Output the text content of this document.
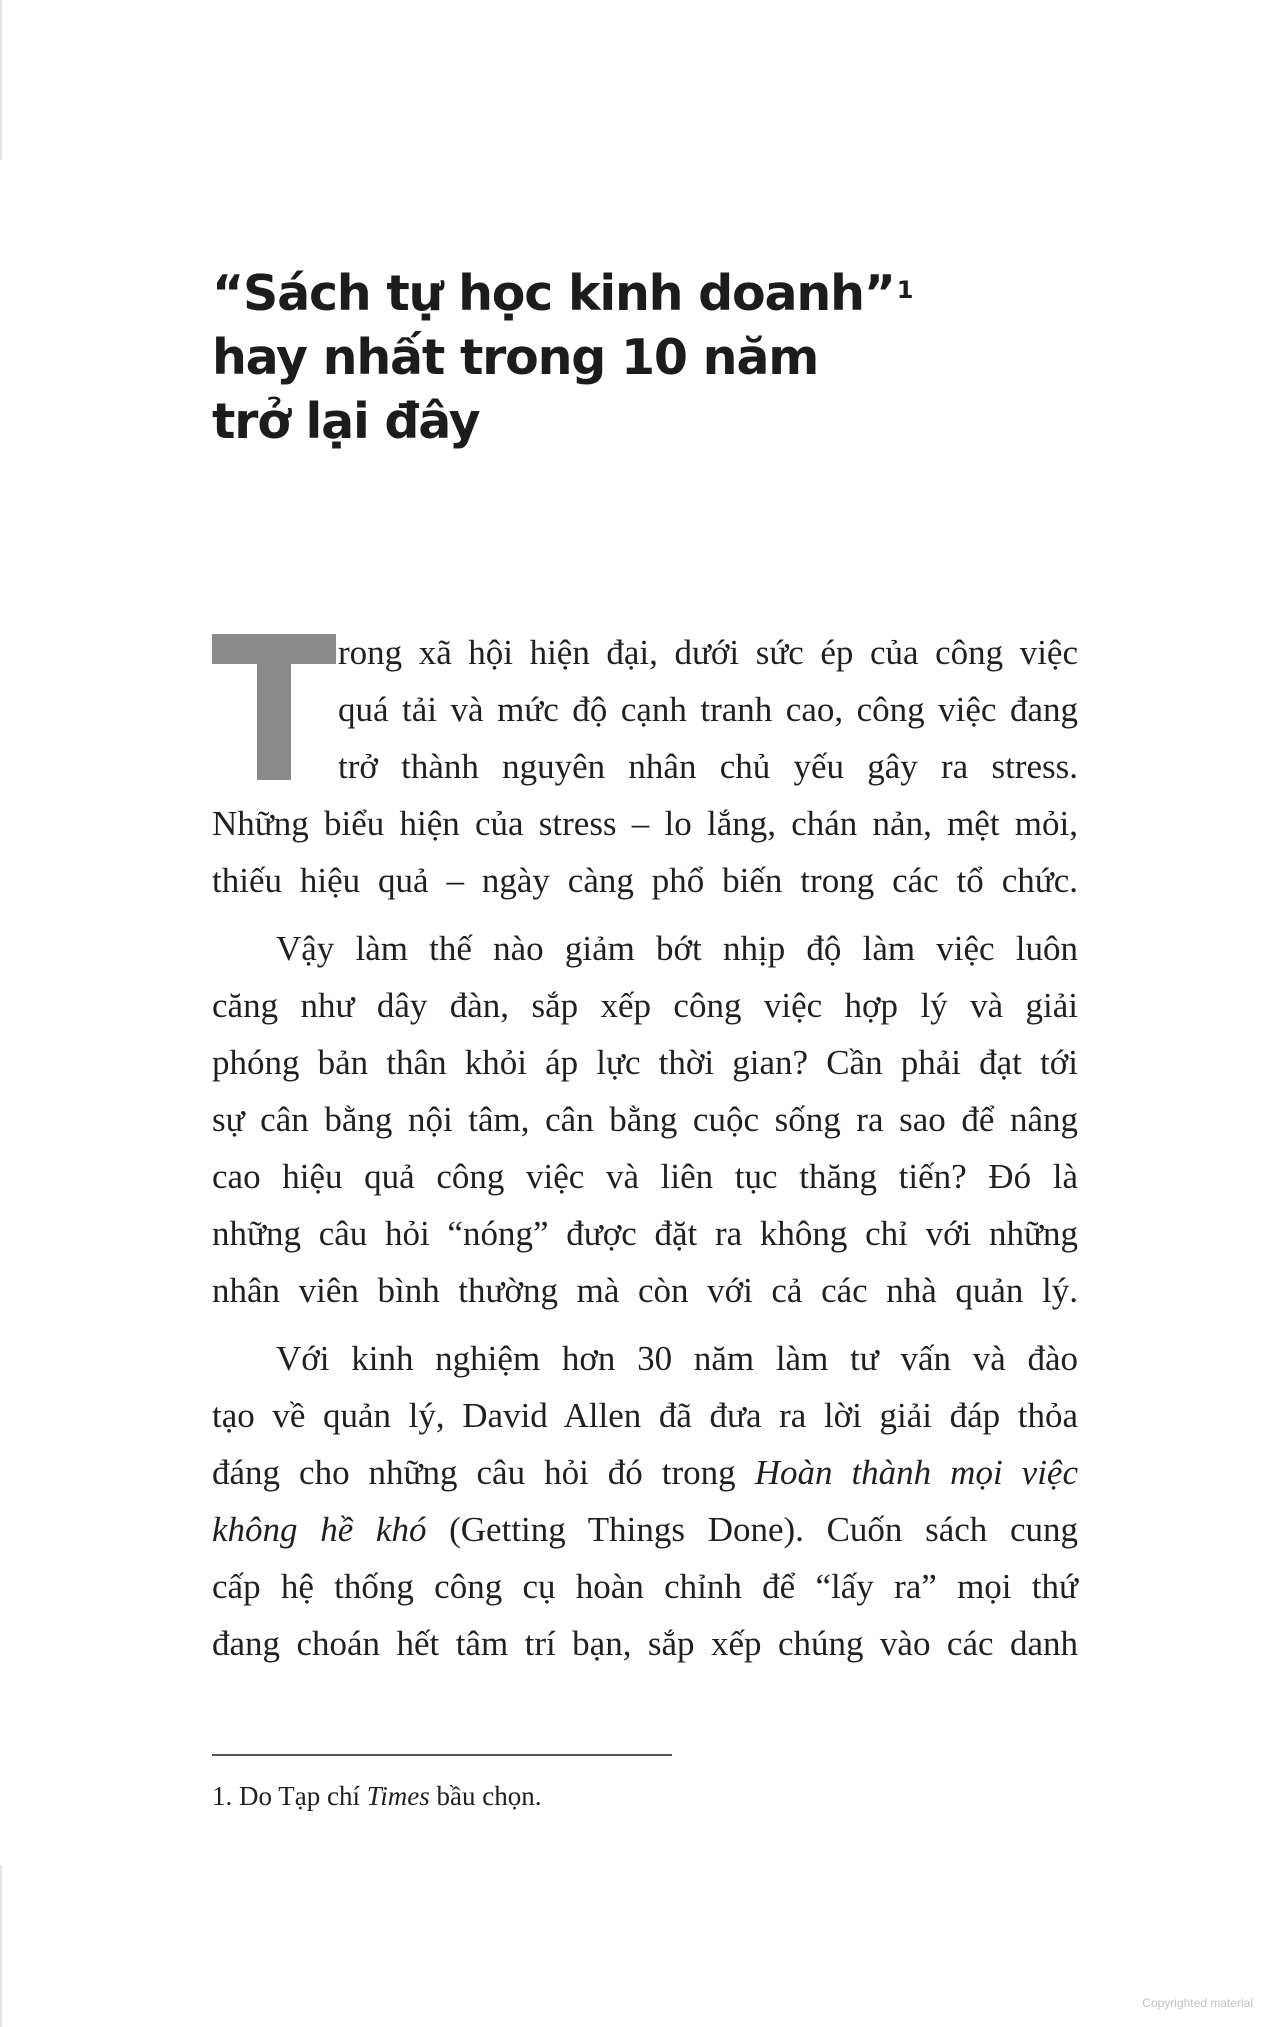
“Sách tự học kinh doanh”$^1$
hay nhất trong 10 năm
trở lại đây
rong xã hội hiện đại, dưới sức ép của công việc
quá tải và mức độ cạnh tranh cao, công việc đang
trở thành nguyên nhân chủ yếu gây ra stress.
Những biểu hiện của stress – lo lắng, chán nản, mệt mỏi,
thiếu hiệu quả – ngày càng phổ biến trong các tổ chức.
Vậy làm thế nào giảm bớt nhịp độ làm việc luôn
căng như dây đàn, sắp xếp công việc hợp lý và giải
phóng bản thân khỏi áp lực thời gian? Cần phải đạt tới
sự cân bằng nội tâm, cân bằng cuộc sống ra sao để nâng
cao hiệu quả công việc và liên tục thăng tiến? Đó là
những câu hỏi “nóng” được đặt ra không chỉ với những
nhân viên bình thường mà còn với cả các nhà quản lý.
Với kinh nghiệm hơn 30 năm làm tư vấn và đào
tạo về quản lý, David Allen đã đưa ra lời giải đáp thỏa
đáng cho những câu hỏi đó trong Hoàn thành mọi việc
không hề khó (Getting Things Done). Cuốn sách cung
cấp hệ thống công cụ hoàn chỉnh để “lấy ra” mọi thứ
đang choán hết tâm trí bạn, sắp xếp chúng vào các danh
1. Do Tạp chí Times bầu chọn.
Copyrighted material
